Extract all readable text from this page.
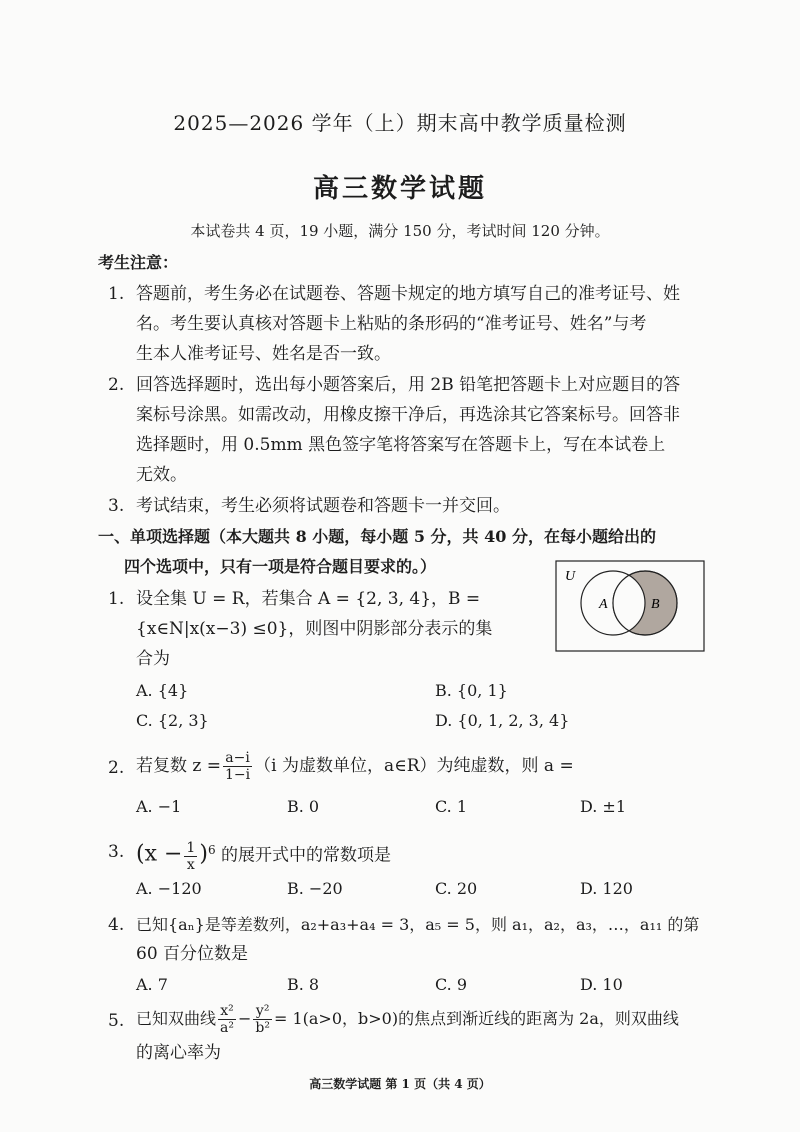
2025—2026 学年（上）期末高中教学质量检测
高三数学试题
本试卷共 4 页，19 小题，满分 150 分，考试时间 120 分钟。
考生注意：
1. 答题前，考生务必在试题卷、答题卡规定的地方填写自己的准考证号、姓
名。考生要认真核对答题卡上粘贴的条形码的“准考证号、姓名”与考
生本人准考证号、姓名是否一致。
2. 回答选择题时，选出每小题答案后，用 2B 铅笔把答题卡上对应题目的答
案标号涂黑。如需改动，用橡皮擦干净后，再选涂其它答案标号。回答非
选择题时，用 0.5mm 黑色签字笔将答案写在答题卡上，写在本试卷上
无效。
3. 考试结束，考生必须将试题卷和答题卡一并交回。
一、单项选择题（本大题共 8 小题，每小题 5 分，共 40 分，在每小题给出的
四个选项中，只有一项是符合题目要求的。）
1. 设全集 U = R，若集合 A = {2, 3, 4}，B =
{x∈N|x(x−3) ≤0}，则图中阴影部分表示的集
合为
U
A	B
A. {4}	B. {0, 1}
C. {2, 3}	D. {0, 1, 2, 3, 4}
2. 若复数 $z = \frac{a-i}{1-i} (i$ 为虚数单位，a∈R）为纯虚数，则 a =
A. −1	B. 0	C. 1	D. ±1
3. $(x - \frac{1}{x} )^6$ 的展开式中的常数项是
A. −120	B. −20	C. 20	D. 120
4. 已知{aₙ}是等差数列，a₂+a₃+a₄ = 3，a₅ = 5，则 a₁，a₂，a₃，…，a₁₁ 的第
60 百分位数是
A. 7	B. 8	C. 9	D. 10
5. 已知双曲线 $\frac{\text{x²}}{\text{a²}} - \frac{\text{y²}}{\text{b²}} = 1(a>0$，b>0)的焦点到渐近线的距离为 2a，则双曲线
的离心率为
高三数学试题 第 1 页（共 4 页）
